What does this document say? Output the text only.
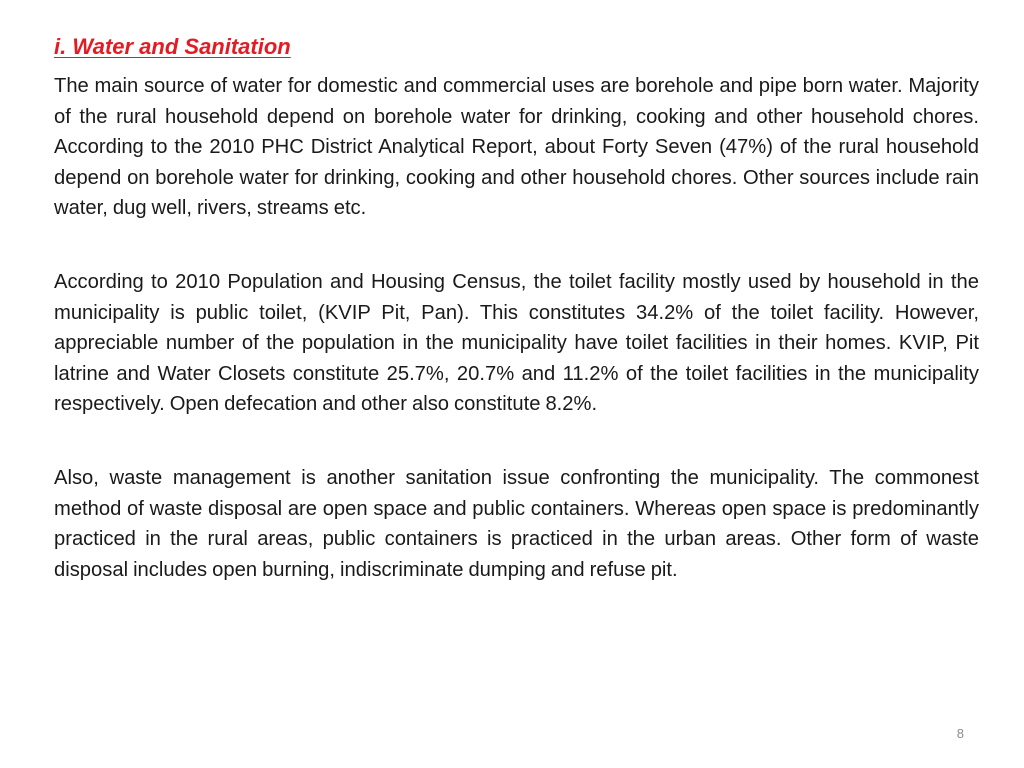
i. Water and Sanitation

The main source of water for domestic and commercial uses are borehole and pipe born water. Majority of the rural household depend on borehole water for drinking, cooking and other household chores. According to the 2010 PHC District Analytical Report, about Forty Seven (47%) of the rural household depend on borehole water for drinking, cooking and other household chores. Other sources include rain water, dug well, rivers, streams etc.

According to 2010 Population and Housing Census, the toilet facility mostly used by household in the municipality is public toilet, (KVIP Pit, Pan). This constitutes 34.2% of the toilet facility. However, appreciable number of the population in the municipality have toilet facilities in their homes. KVIP, Pit latrine and Water Closets constitute 25.7%, 20.7% and 11.2% of the toilet facilities in the municipality respectively. Open defecation and other also constitute 8.2%.

Also, waste management is another sanitation issue confronting the municipality. The commonest method of waste disposal are open space and public containers. Whereas open space is predominantly practiced in the rural areas, public containers is practiced in the urban areas. Other form of waste disposal includes open burning, indiscriminate dumping and refuse pit.

8
